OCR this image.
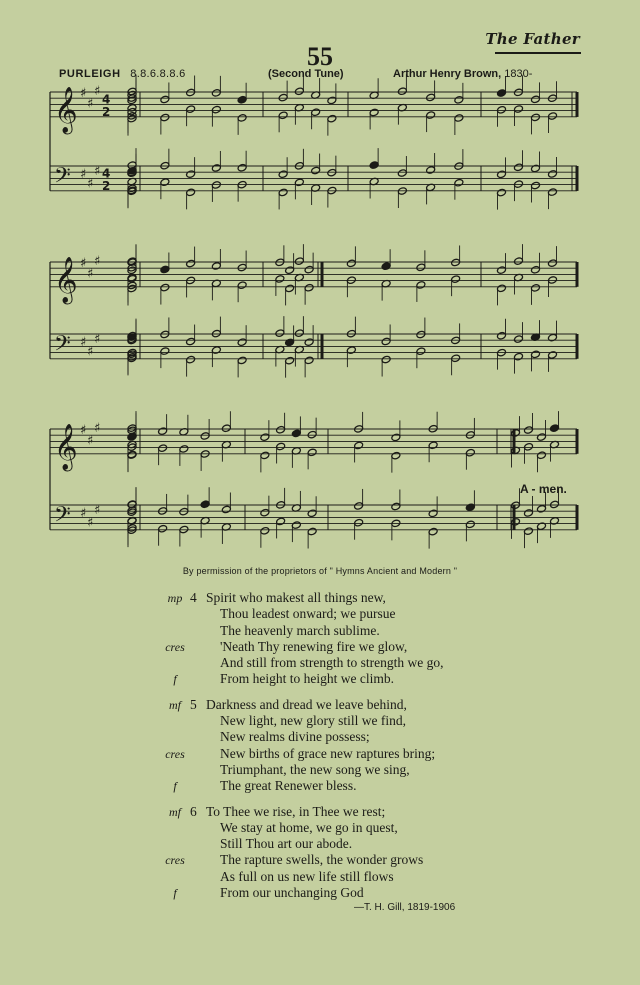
The Father
55
PURLEIGH 8.8.6.8.8.6	(Second Tune)	Arthur Henry Brown, 1830-
𝄞
𝄢
♯
♯
♯
♯
♯
♯
4
2
4
2
𝄞
𝄢
♯
♯
♯
♯
♯
♯
𝄞
𝄢
♯
♯
♯
♯
♯
♯
A - men.
By permission of the proprietors of " Hymns Ancient and Modern "
mp 4 Spirit who makest all things new,
Thou leadest onward; we pursue
The heavenly march sublime.
cres	'Neath Thy renewing fire we glow,
And still from strength to strength we go,
f	From height to height we climb.
mf 5 Darkness and dread we leave behind,
New light, new glory still we find,
New realms divine possess;
cres	New births of grace new raptures bring;
Triumphant, the new song we sing,
f	The great Renewer bless.
mf 6 To Thee we rise, in Thee we rest;
We stay at home, we go in quest,
Still Thou art our abode.
cres	The rapture swells, the wonder grows
As full on us new life still flows
f	From our unchanging God
—T. H. Gill, 1819-1906
